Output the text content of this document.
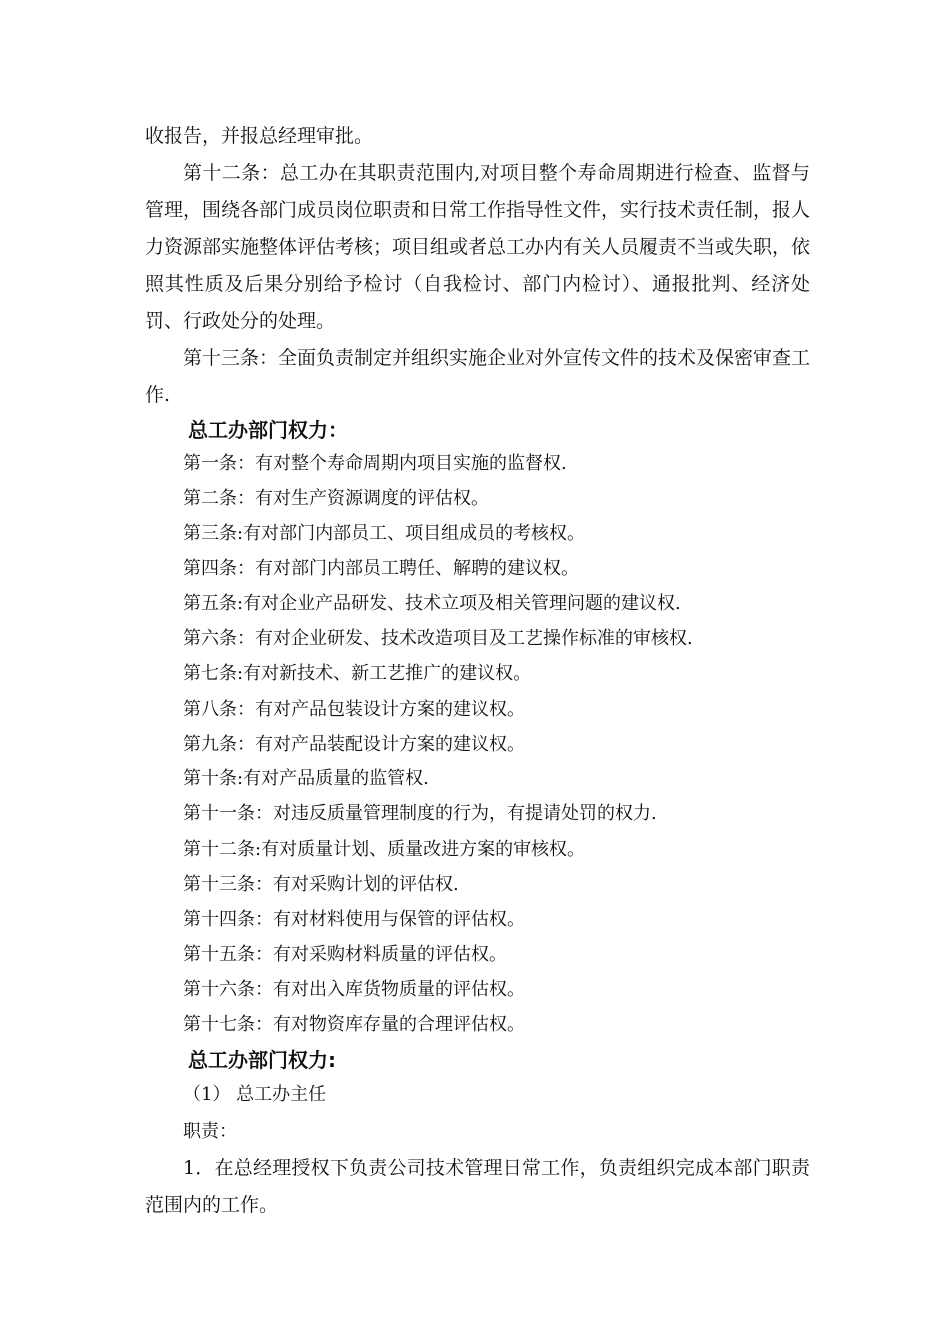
收报告，并报总经理审批。

第十二条：总工办在其职责范围内,对项目整个寿命周期进行检查、监督与管理，围绕各部门成员岗位职责和日常工作指导性文件，实行技术责任制，报人力资源部实施整体评估考核；项目组或者总工办内有关人员履责不当或失职，依照其性质及后果分别给予检讨（自我检讨、部门内检讨）、通报批判、经济处罚、行政处分的处理。

第十三条：全面负责制定并组织实施企业对外宣传文件的技术及保密审查工作.

总工办部门权力：

第一条：有对整个寿命周期内项目实施的监督权.

第二条：有对生产资源调度的评估权。

第三条:有对部门内部员工、项目组成员的考核权。

第四条：有对部门内部员工聘任、解聘的建议权。

第五条:有对企业产品研发、技术立项及相关管理问题的建议权.

第六条：有对企业研发、技术改造项目及工艺操作标准的审核权.

第七条:有对新技术、新工艺推广的建议权。

第八条：有对产品包装设计方案的建议权。

第九条：有对产品装配设计方案的建议权。

第十条:有对产品质量的监管权.

第十一条：对违反质量管理制度的行为，有提请处罚的权力.

第十二条:有对质量计划、质量改进方案的审核权。

第十三条：有对采购计划的评估权.

第十四条：有对材料使用与保管的评估权。

第十五条：有对采购材料质量的评估权。

第十六条：有对出入库货物质量的评估权。

第十七条：有对物资库存量的合理评估权。

总工办部门权力:

（1） 总工办主任

职责：

1．在总经理授权下负责公司技术管理日常工作，负责组织完成本部门职责范围内的工作。
